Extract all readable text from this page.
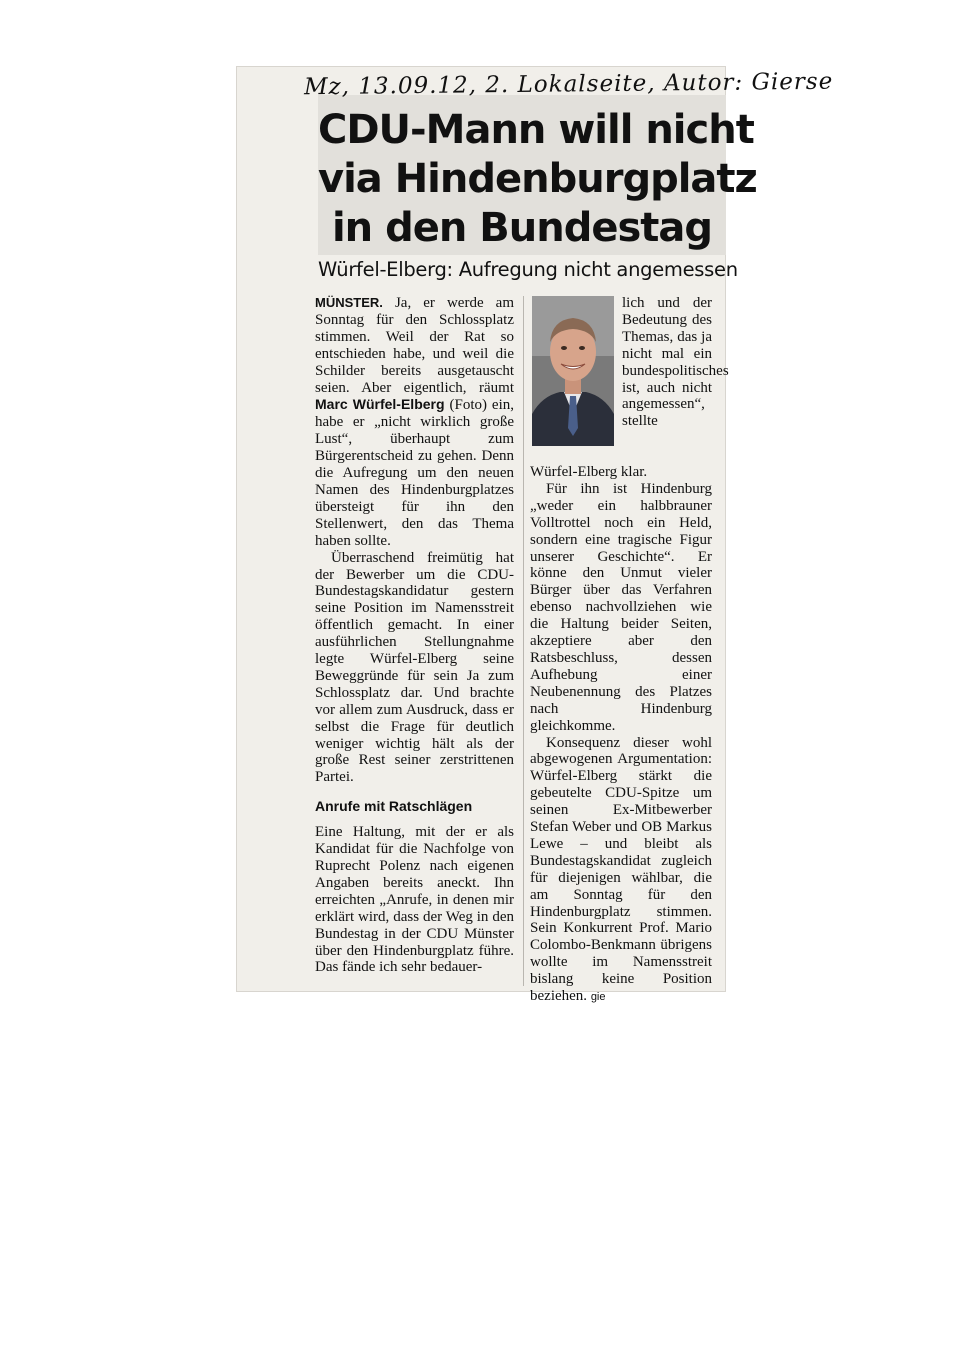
Mz, 13.09.12, 2. Lokalseite, Autor: Gierse
CDU-Mann will nicht
via Hindenburgplatz
in den Bundestag
Würfel-Elberg: Aufregung nicht angemessen

MÜNSTER. Ja, er werde am Sonntag für den Schlossplatz stimmen. Weil der Rat so entschieden habe, und weil die Schilder bereits ausgetauscht seien. Aber eigentlich, räumt Marc Würfel-Elberg (Foto) ein, habe er „nicht wirklich große Lust“, überhaupt zum Bürgerentscheid zu gehen. Denn die Aufregung um den neuen Namen des Hindenburgplatzes übersteigt für ihn den Stellenwert, den das Thema haben sollte.

Überraschend freimütig hat der Bewerber um die CDU-Bundestagskandidatur gestern seine Position im Namensstreit öffentlich gemacht. In einer ausführlichen Stellungnahme legte Würfel-Elberg seine Beweggründe für sein Ja zum Schlossplatz dar. Und brachte vor allem zum Ausdruck, dass er selbst die Frage für deutlich weniger wichtig hält als der große Rest seiner zerstrittenen Partei.

Anrufe mit Ratschlägen

Eine Haltung, mit der er als Kandidat für die Nachfolge von Ruprecht Polenz nach eigenen Angaben bereits aneckt. Ihn erreichten „Anrufe, in denen mir erklärt wird, dass der Weg in den Bundestag in der CDU Münster über den Hindenburgplatz führe. Das fände ich sehr bedauer-

lich und der Bedeutung des Themas, das ja nicht mal ein bundespolitisches ist, auch nicht angemessen“, stellte

Würfel-Elberg klar.

Für ihn ist Hindenburg „weder ein halbbrauner Volltrottel noch ein Held, sondern eine tragische Figur unserer Geschichte“. Er könne den Unmut vieler Bürger über das Verfahren ebenso nachvollziehen wie die Haltung beider Seiten, akzeptiere aber den Ratsbeschluss, dessen Aufhebung einer Neubenennung des Platzes nach Hindenburg gleichkomme.

Konsequenz dieser wohl abgewogenen Argumentation: Würfel-Elberg stärkt die gebeutelte CDU-Spitze um seinen Ex-Mitbewerber Stefan Weber und OB Markus Lewe – und bleibt als Bundestagskandidat zugleich für diejenigen wählbar, die am Sonntag für den Hindenburgplatz stimmen. Sein Konkurrent Prof. Mario Colombo-Benkmann übrigens wollte im Namensstreit bislang keine Position beziehen. gie
